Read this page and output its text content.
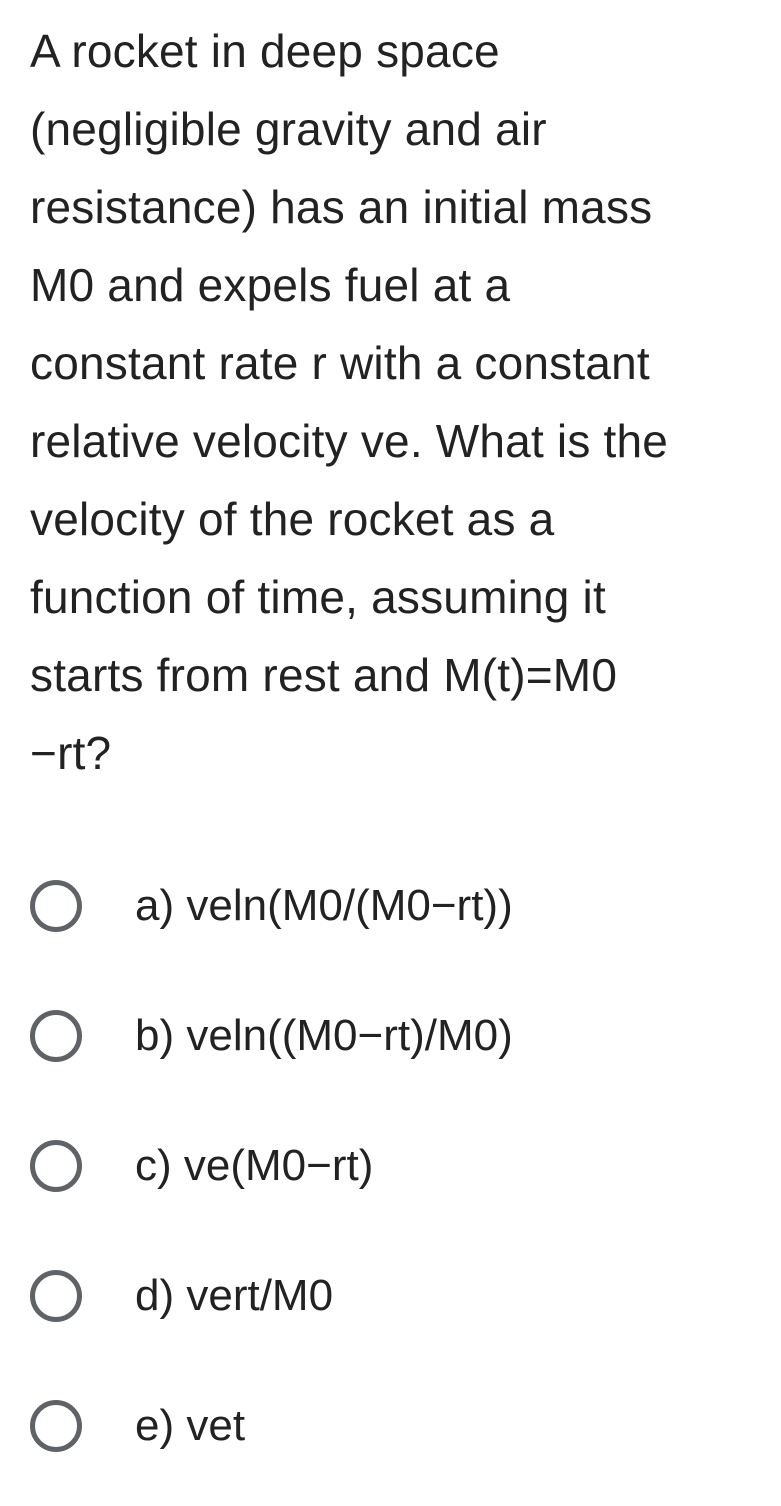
A rocket in deep space
(negligible gravity and air
resistance) has an initial mass
M0 and expels fuel at a
constant rate r with a constant
relative velocity ve. What is the
velocity of the rocket as a
function of time, assuming it
starts from rest and M(t)=M0
−rt?
a) veln(M0/(M0−rt))
b) veln((M0−rt)/M0)
c) ve(M0−rt)
d) vert/M0
e) vet
